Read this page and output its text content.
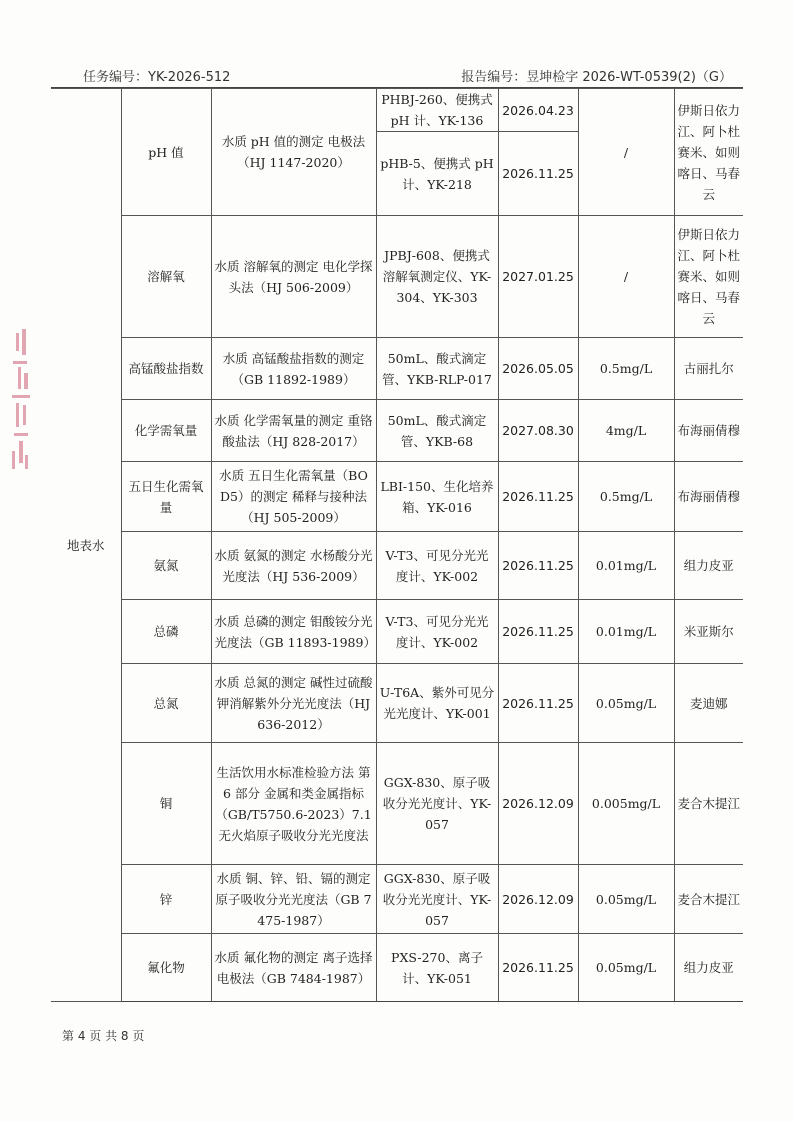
任务编号：YK-2026-512	报告编号：昱坤检字 2026-WT-0539(2)（G）
地表水	pH 值	水质 pH 值的测定 电极法（HJ 1147-2020）	PHBJ-260、便携式 pH 计、YK-136	2026.04.23	/	伊斯日依力江、阿卜杜赛米、如则喀日、马春云
			pHB-5、便携式 pH 计、YK-218	2026.11.25		
	溶解氧	水质 溶解氧的测定 电化学探头法（HJ 506-2009）	JPBJ-608、便携式溶解氧测定仪、YK-304、YK-303	2027.01.25	/	伊斯日依力江、阿卜杜赛米、如则喀日、马春云
	高锰酸盐指数	水质 高锰酸盐指数的测定（GB 11892-1989）	50mL、酸式滴定管、YKB-RLP-017	2026.05.05	0.5mg/L	古丽扎尔
	化学需氧量	水质 化学需氧量的测定 重铬酸盐法（HJ 828-2017）	50mL、酸式滴定管、YKB-68	2027.08.30	4mg/L	布海丽倩穆
	五日生化需氧量	水质 五日生化需氧量（BOD5）的测定 稀释与接种法（HJ 505-2009）	LBI-150、生化培养箱、YK-016	2026.11.25	0.5mg/L	布海丽倩穆
	氨氮	水质 氨氮的测定 水杨酸分光光度法（HJ 536-2009）	V-T3、可见分光光度计、YK-002	2026.11.25	0.01mg/L	组力皮亚
	总磷	水质 总磷的测定 钼酸铵分光光度法（GB 11893-1989）	V-T3、可见分光光度计、YK-002	2026.11.25	0.01mg/L	米亚斯尔
	总氮	水质 总氮的测定 碱性过硫酸钾消解紫外分光光度法（HJ 636-2012）	U-T6A、紫外可见分光光度计、YK-001	2026.11.25	0.05mg/L	麦迪娜
	铜	生活饮用水标准检验方法 第 6 部分 金属和类金属指标（GB/T5750.6-2023）7.1 无火焰原子吸收分光光度法	GGX-830、原子吸收分光光度计、YK-057	2026.12.09	0.005mg/L	麦合木提江
	锌	水质 铜、锌、铅、镉的测定 原子吸收分光光度法（GB 7475-1987）	GGX-830、原子吸收分光光度计、YK-057	2026.12.09	0.05mg/L	麦合木提江
	氟化物	水质 氟化物的测定 离子选择电极法（GB 7484-1987）	PXS-270、离子计、YK-051	2026.11.25	0.05mg/L	组力皮亚
第 4 页 共 8 页
